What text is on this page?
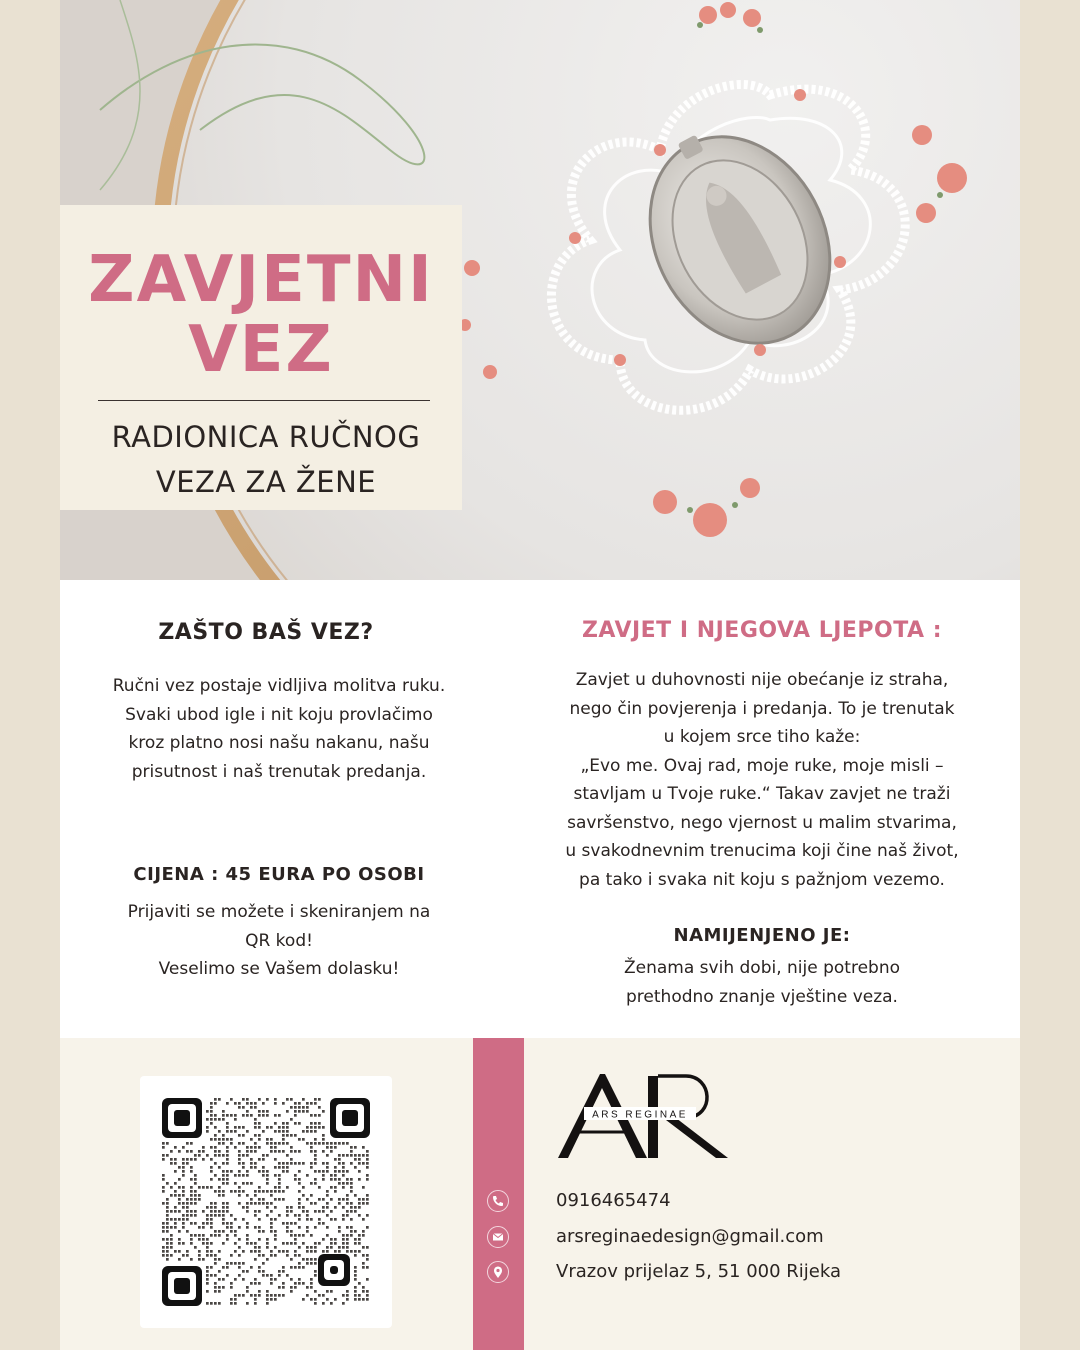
ZAVJETNI
VEZ
RADIONICA RUČNOG
VEZA ZA ŽENE
ZAŠTO BAŠ VEZ?
Ručni vez postaje vidljiva molitva ruku.
Svaki ubod igle i nit koju provlačimo
kroz platno nosi našu nakanu, našu
prisutnost i naš trenutak predanja.
CIJENA : 45 EURA PO OSOBI
Prijaviti se možete i skeniranjem na
QR kod!
Veselimo se Vašem dolasku!
ZAVJET I NJEGOVA LJEPOTA :
Zavjet u duhovnosti nije obećanje iz straha,
nego čin povjerenja i predanja. To je trenutak
u kojem srce tiho kaže:
„Evo me. Ovaj rad, moje ruke, moje misli –
stavljam u Tvoje ruke.“ Takav zavjet ne traži
savršenstvo, nego vjernost u malim stvarima,
u svakodnevnim trenucima koji čine naš život,
pa tako i svaka nit koju s pažnjom vezemo.
NAMIJENJENO JE:
Ženama svih dobi, nije potrebno
prethodno znanje vještine veza.
ARS REGINAE
0916465474
arsreginaedesign@gmail.com
Vrazov prijelaz 5, 51 000 Rijeka
